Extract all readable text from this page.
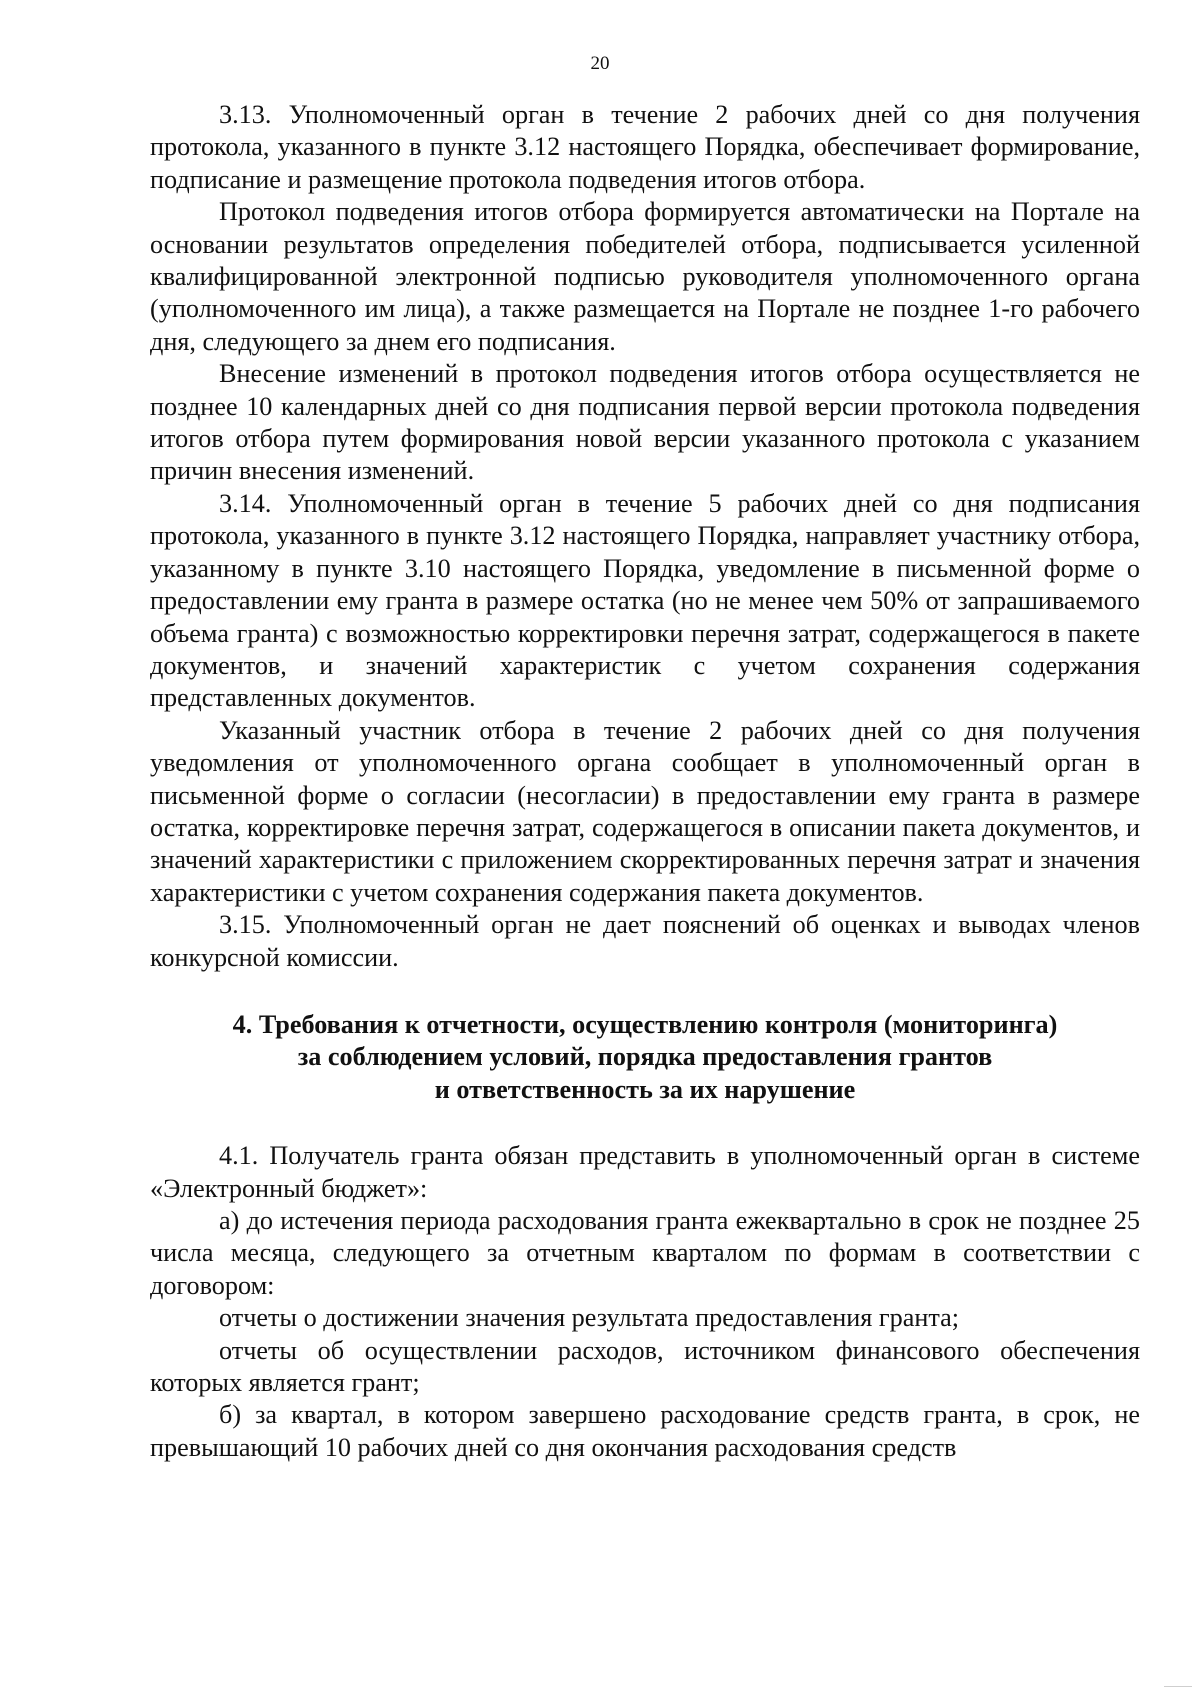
20

3.13. Уполномоченный орган в течение 2 рабочих дней со дня получения протокола, указанного в пункте 3.12 настоящего Порядка, обеспечивает формирование, подписание и размещение протокола подведения итогов отбора.

Протокол подведения итогов отбора формируется автоматически на Портале на основании результатов определения победителей отбора, подписывается усиленной квалифицированной электронной подписью руководителя уполномоченного органа (уполномоченного им лица), а также размещается на Портале не позднее 1-го рабочего дня, следующего за днем его подписания.

Внесение изменений в протокол подведения итогов отбора осуществляется не позднее 10 календарных дней со дня подписания первой версии протокола подведения итогов отбора путем формирования новой версии указанного протокола с указанием причин внесения изменений.

3.14. Уполномоченный орган в течение 5 рабочих дней со дня подписания протокола, указанного в пункте 3.12 настоящего Порядка, направляет участнику отбора, указанному в пункте 3.10 настоящего Порядка, уведомление в письменной форме о предоставлении ему гранта в размере остатка (но не менее чем 50% от запрашиваемого объема гранта) с возможностью корректировки перечня затрат, содержащегося в пакете документов, и значений характеристик с учетом сохранения содержания представленных документов.

Указанный участник отбора в течение 2 рабочих дней со дня получения уведомления от уполномоченного органа сообщает в уполномоченный орган в письменной форме о согласии (несогласии) в предоставлении ему гранта в размере остатка, корректировке перечня затрат, содержащегося в описании пакета документов, и значений характеристики с приложением скорректированных перечня затрат и значения характеристики с учетом сохранения содержания пакета документов.

3.15. Уполномоченный орган не дает пояснений об оценках и выводах членов конкурсной комиссии.

4. Требования к отчетности, осуществлению контроля (мониторинга)
за соблюдением условий, порядка предоставления грантов
и ответственность за их нарушение

4.1. Получатель гранта обязан представить в уполномоченный орган в системе «Электронный бюджет»:

а) до истечения периода расходования гранта ежеквартально в срок не позднее 25 числа месяца, следующего за отчетным кварталом по формам в соответствии с договором:

отчеты о достижении значения результата предоставления гранта;

отчеты об осуществлении расходов, источником финансового обеспечения которых является грант;

б) за квартал, в котором завершено расходование средств гранта, в срок, не превышающий 10 рабочих дней со дня окончания расходования средств
